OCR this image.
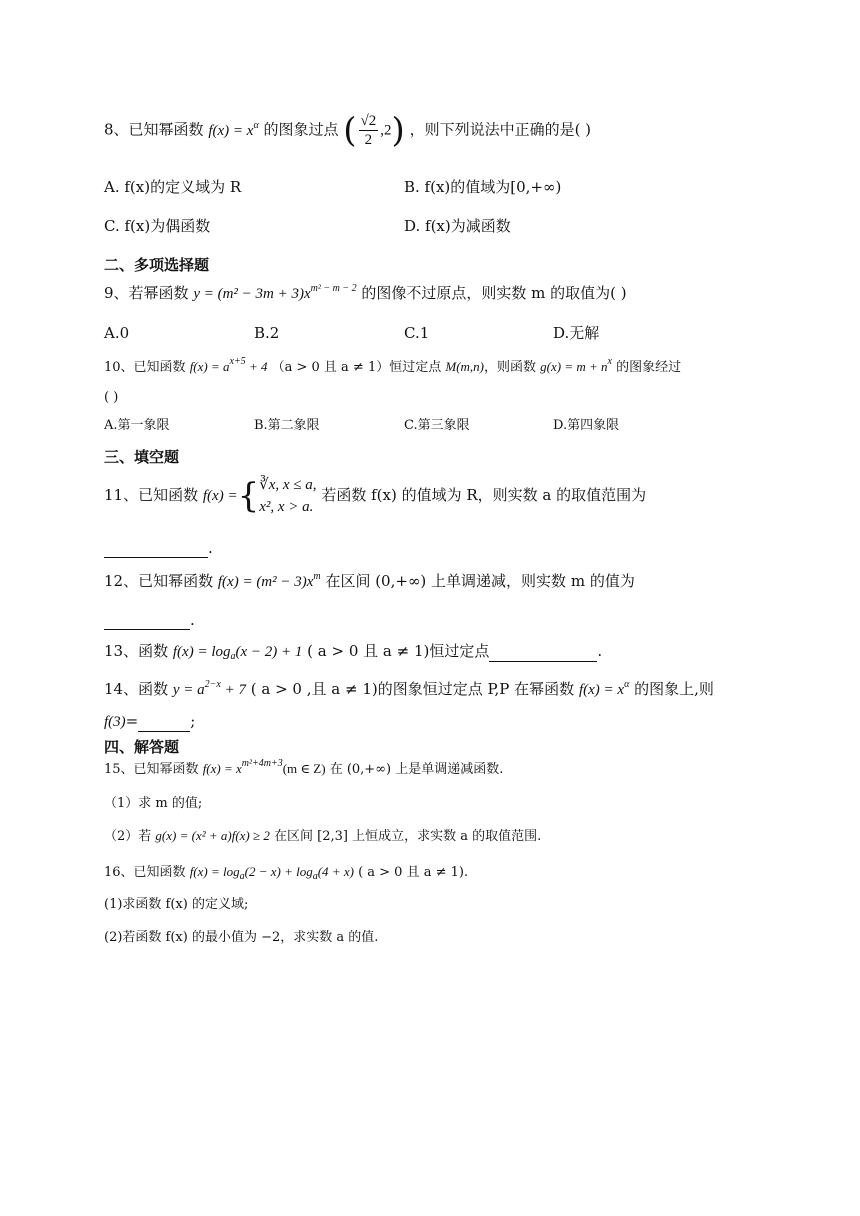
8、已知幂函数 $f(x) = x^\alpha$ 的图象过点 ( $\frac{√2}{2} ,2$) ，则下列说法中正确的是( )
A. f(x)的定义域为 R	B. f(x)的值域为[0,+∞)
C. f(x)为偶函数	D. f(x)为减函数
二、多项选择题
9、若幂函数 $y = (m^2 - 3m + 3)x^{m^2 - m - 2}$ 的图像不过原点，则实数 m 的取值为( )
A.0	B.2	C.1	D.无解
10、已知函数 $f(x) = a^{x+5} + 4$ （a > 0 且 a ≠ 1）恒过定点 M(m,n)，则函数 $g(x) = m + n^x$ 的图象经过
( )
A.第一象限	B.第二象限	C.第三象限	D.第四象限
三、填空题
11、已知函数 f(x) ={ ∛x, x ≤ a,
x², x > a.
若函数 f(x) 的值域为 R，则实数 a 的取值范围为
.
12、已知幂函数 $f(x) = (m^2 - 3)x^m$ 在区间 (0,+∞) 上单调递减，则实数 m 的值为
.
13、函数 $f(x) = \log_a(x - 2) + 1$ ( a > 0 且 a ≠ 1)恒过定点	.
14、函数 $y = a^{2-x} + 7$ ( a > 0 ,且 a ≠ 1)的图象恒过定点 P,P 在幂函数 $f(x) = x^\alpha$ 的图象上,则
f(3)=	;
四、解答题
15、已知幂函数 $f(x) = x^{m^2+4m+3}(m$ ∈ Z) 在 (0,+∞) 上是单调递减函数.
（1）求 m 的值;
（2）若 g(x) = (x² + a)f(x) ≥ 2 在区间 [2,3] 上恒成立，求实数 a 的取值范围.
16、已知函数 $f(x) = \log_a(2 - x) + \log_a(4 + x)$ ( a > 0 且 a ≠ 1).
(1)求函数 f(x) 的定义域;
(2)若函数 f(x) 的最小值为 −2，求实数 a 的值.
